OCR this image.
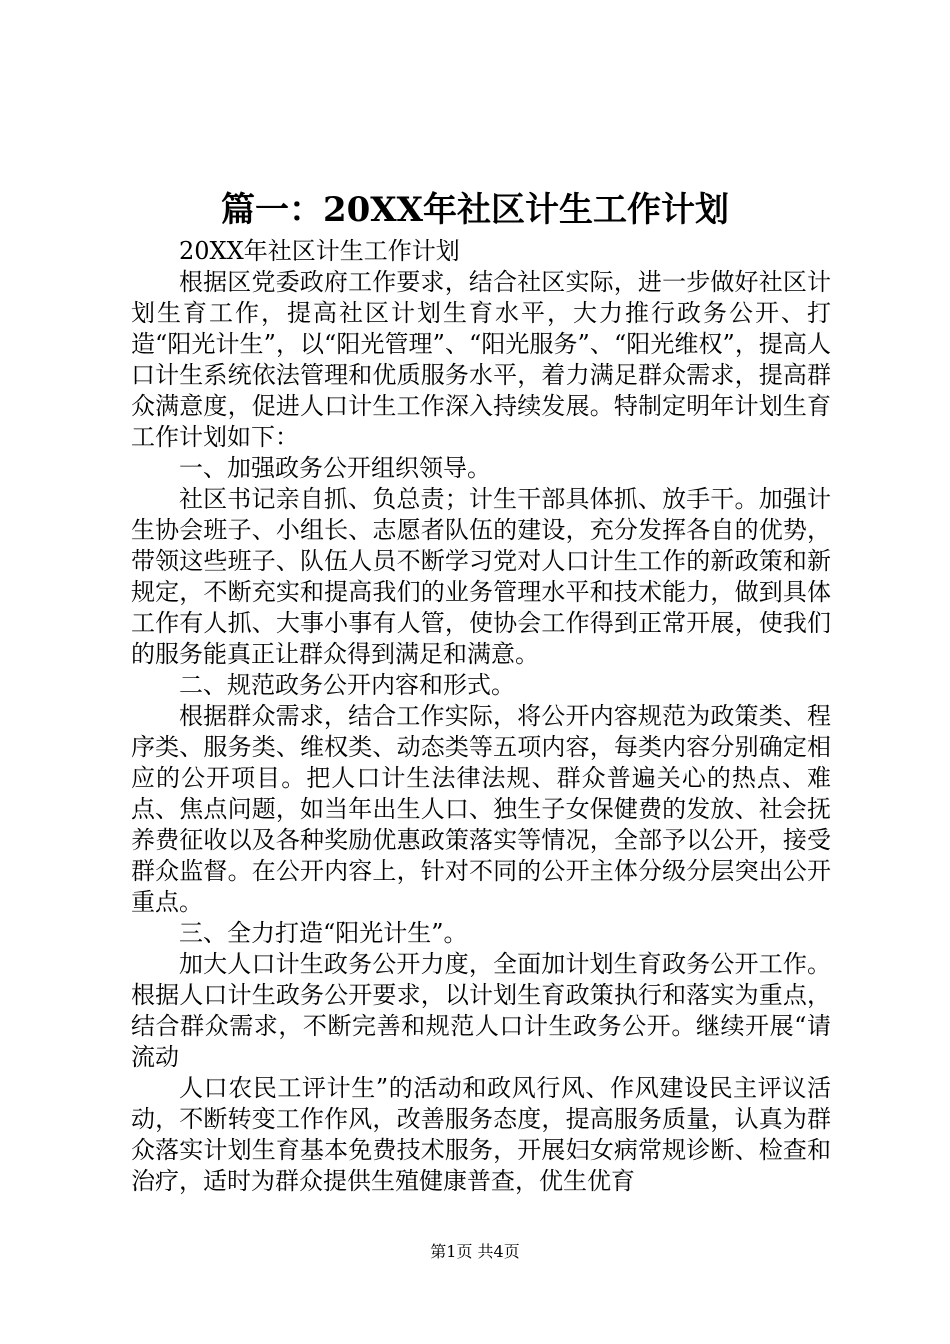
篇一：20XX年社区计生工作计划

20XX年社区计生工作计划

根据区党委政府工作要求，结合社区实际，进一步做好社区计划生育工作，提高社区计划生育水平，大力推行政务公开、打造“阳光计生”，以“阳光管理”、“阳光服务”、“阳光维权”，提高人口计生系统依法管理和优质服务水平，着力满足群众需求，提高群众满意度，促进人口计生工作深入持续发展。特制定明年计划生育工作计划如下：

一、加强政务公开组织领导。

社区书记亲自抓、负总责；计生干部具体抓、放手干。加强计生协会班子、小组长、志愿者队伍的建设，充分发挥各自的优势，带领这些班子、队伍人员不断学习党对人口计生工作的新政策和新规定，不断充实和提高我们的业务管理水平和技术能力，做到具体工作有人抓、大事小事有人管，使协会工作得到正常开展，使我们的服务能真正让群众得到满足和满意。

二、规范政务公开内容和形式。

根据群众需求，结合工作实际，将公开内容规范为政策类、程序类、服务类、维权类、动态类等五项内容，每类内容分别确定相应的公开项目。把人口计生法律法规、群众普遍关心的热点、难点、焦点问题，如当年出生人口、独生子女保健费的发放、社会抚养费征收以及各种奖励优惠政策落实等情况，全部予以公开，接受群众监督。在公开内容上，针对不同的公开主体分级分层突出公开重点。

三、全力打造“阳光计生”。

加大人口计生政务公开力度，全面加计划生育政务公开工作。根据人口计生政务公开要求，以计划生育政策执行和落实为重点，结合群众需求，不断完善和规范人口计生政务公开。继续开展“请流动

人口农民工评计生”的活动和政风行风、作风建设民主评议活动，不断转变工作作风，改善服务态度，提高服务质量，认真为群众落实计划生育基本免费技术服务，开展妇女病常规诊断、检查和治疗，适时为群众提供生殖健康普查，优生优育

第1页 共4页
